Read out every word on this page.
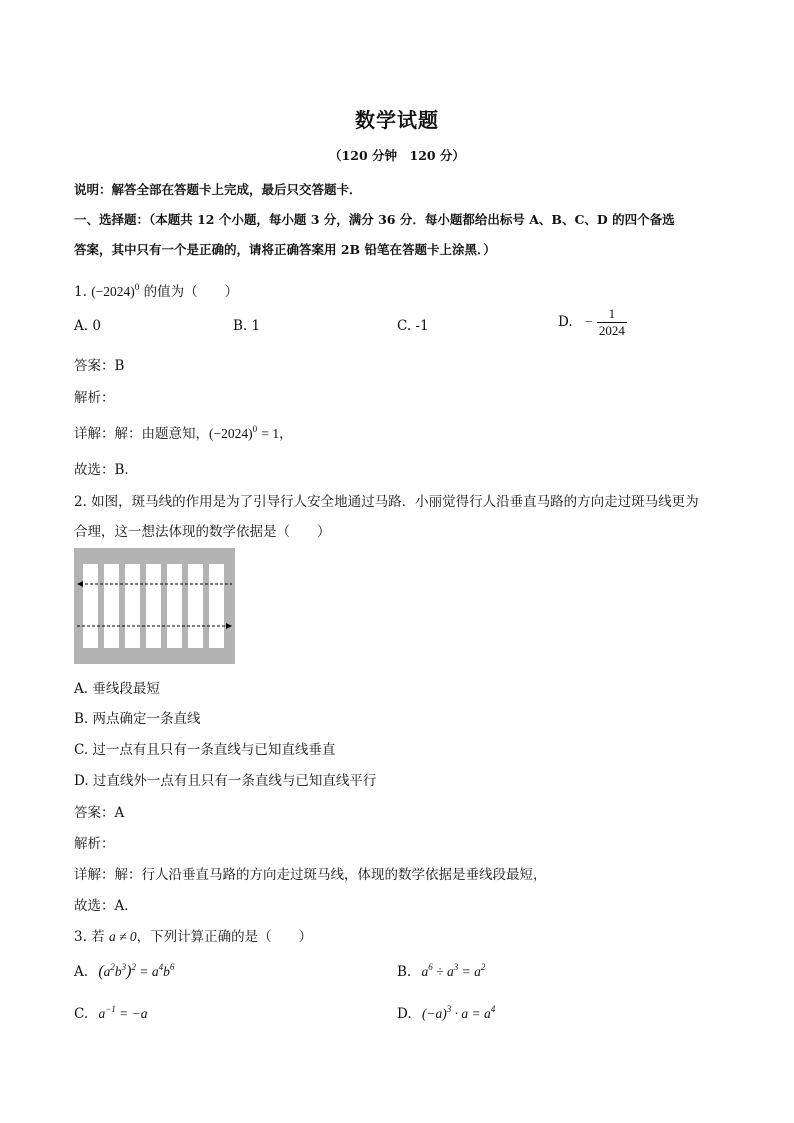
数学试题
（120 分钟　120 分）
说明：解答全部在答题卡上完成，最后只交答题卡．
一、选择题：（本题共 12 个小题，每小题 3 分，满分 36 分．每小题都给出标号 A、B、C、D 的四个备选
答案，其中只有一个是正确的，请将正确答案用 2B 铅笔在答题卡上涂黑．）
1. $(-2024)^0$ 的值为（　　）
A. 0	B. 1	C. -1	D. − $\frac{1}{2024}$
答案：B
解析：
详解：解：由题意知，$(-2024)^0 = 1$，
故选：B．
2. 如图，斑马线的作用是为了引导行人安全地通过马路．小丽觉得行人沿垂直马路的方向走过斑马线更为
合理，这一想法体现的数学依据是（　　）
A. 垂线段最短
B. 两点确定一条直线
C. 过一点有且只有一条直线与已知直线垂直
D. 过直线外一点有且只有一条直线与已知直线平行
答案：A
解析：
详解：解：行人沿垂直马路的方向走过斑马线，体现的数学依据是垂线段最短，
故选：A．
3. 若 a ≠ 0，下列计算正确的是（　　）
A. $(a^2b^3)^2 = a^4b^6$	B. $a^6 \div a^3 = a^2$
C. $a^{-1} = -a$	D. $(-a)^3 \cdot a = a^4$
